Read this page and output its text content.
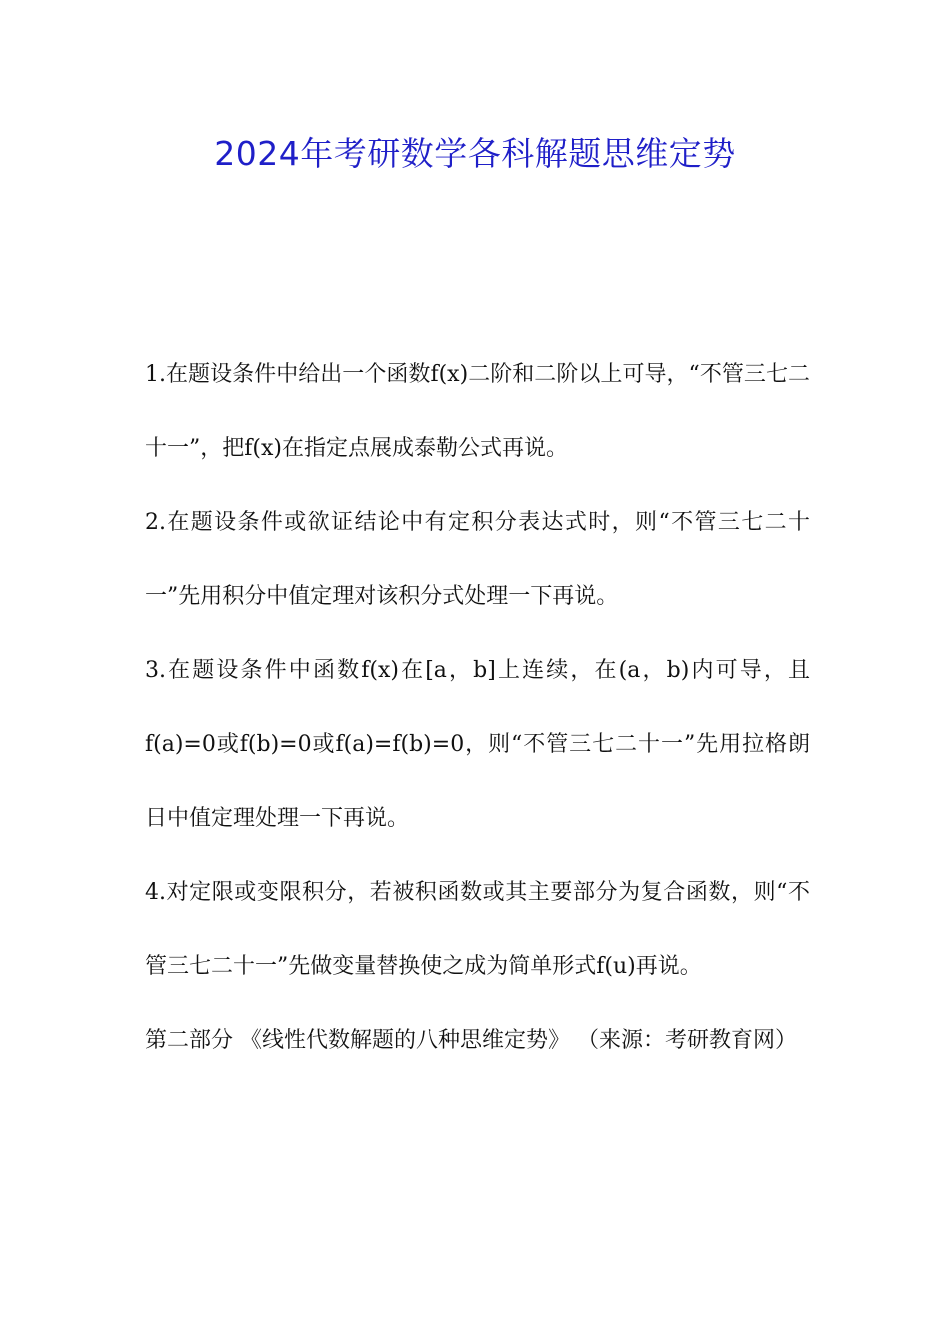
2024年考研数学各科解题思维定势

1.在题设条件中给出一个函数f(x)二阶和二阶以上可导，“不管三七二十一”，把f(x)在指定点展成泰勒公式再说。

2.在题设条件或欲证结论中有定积分表达式时，则“不管三七二十一”先用积分中值定理对该积分式处理一下再说。

3.在题设条件中函数f(x)在[a，b]上连续，在(a，b)内可导，且f(a)=0或f(b)=0或f(a)=f(b)=0，则“不管三七二十一”先用拉格朗日中值定理处理一下再说。

4.对定限或变限积分，若被积函数或其主要部分为复合函数，则“不管三七二十一”先做变量替换使之成为简单形式f(u)再说。

第二部分 《线性代数解题的八种思维定势》 （来源：考研教育网）
